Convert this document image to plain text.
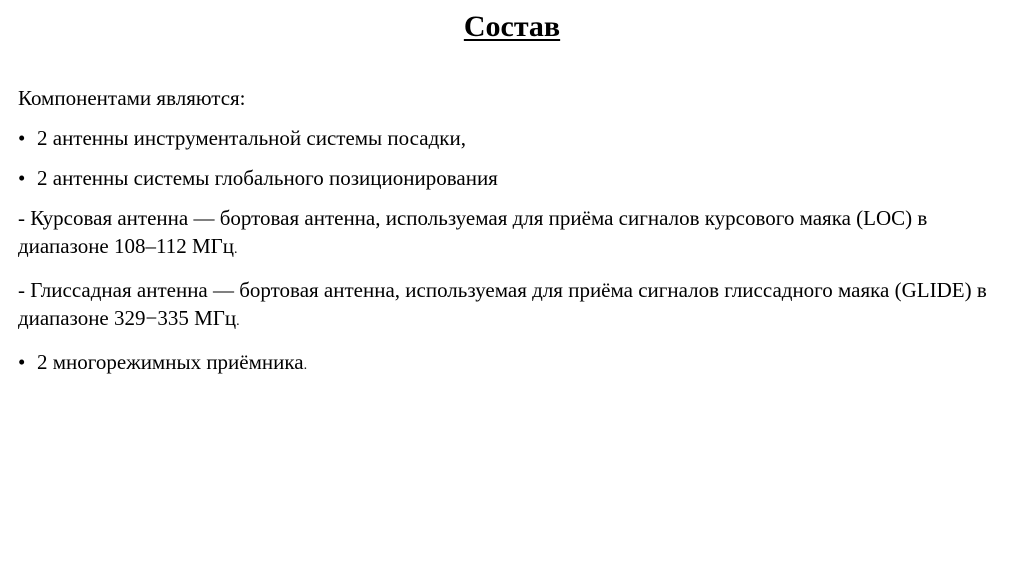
Состав

Компонентами являются:

• 2 антенны инструментальной системы посадки,
• 2 антенны системы глобального позиционирования

- Курсовая антенна — бортовая антенна, используемая для приёма сигналов курсового маяка (LOC) в диапазоне 108–112 МГц.

- Глиссадная антенна — бортовая антенна, используемая для приёма сигналов глиссадного маяка (GLIDE) в диапазоне 329−335 МГц.

• 2 многорежимных приёмника.
